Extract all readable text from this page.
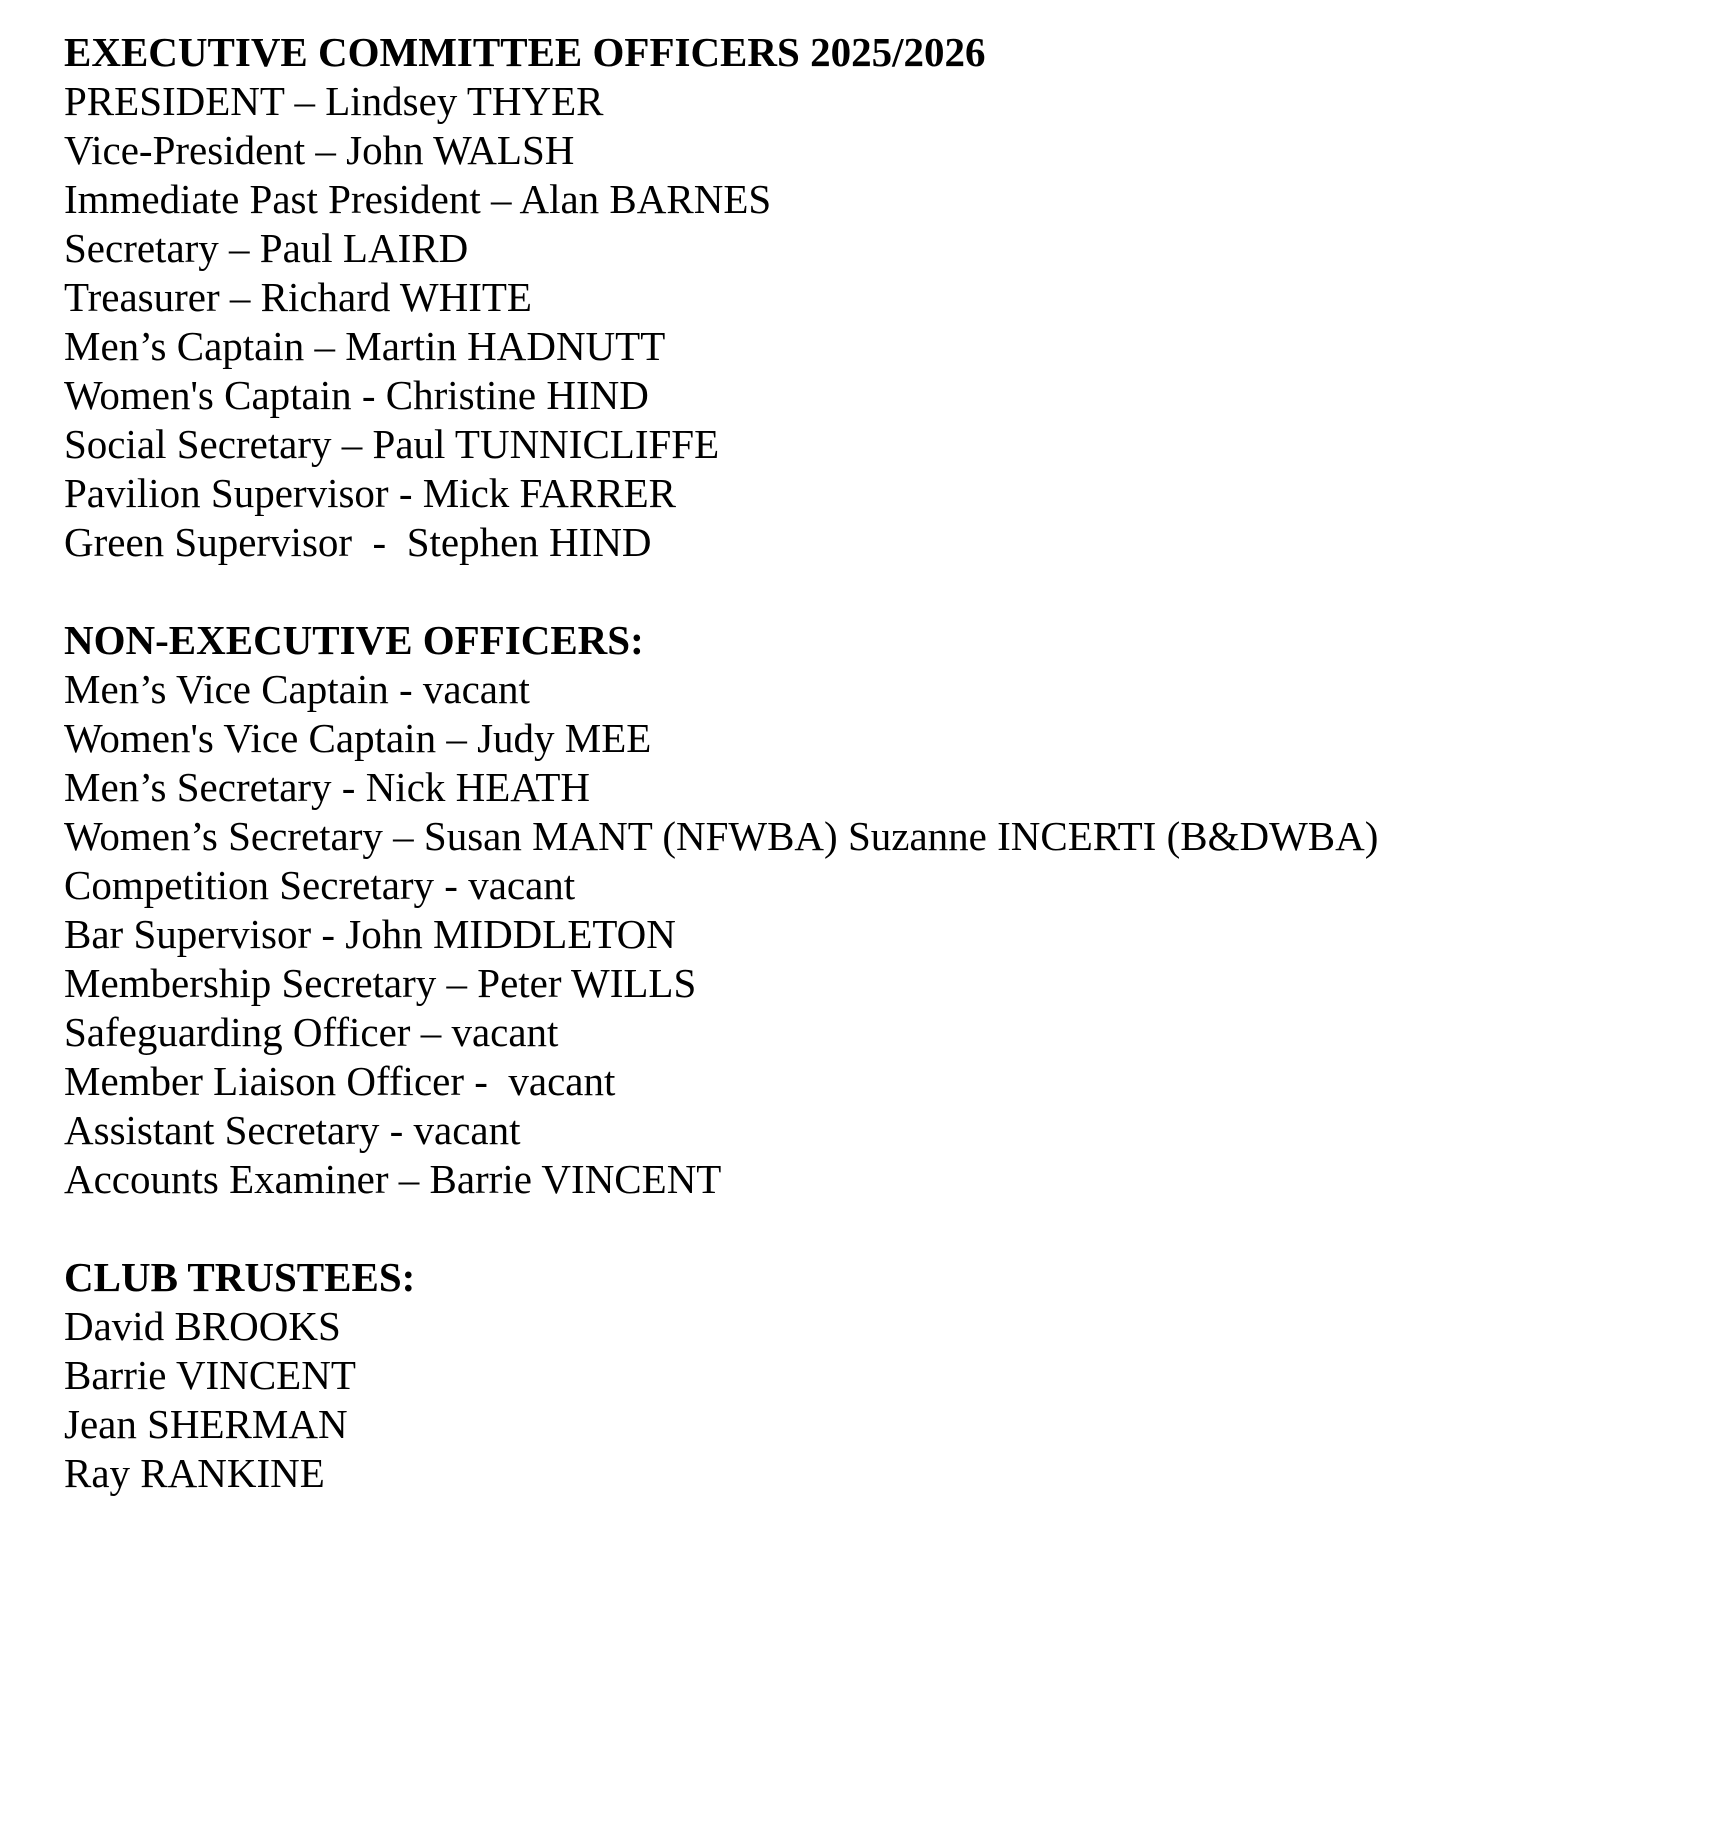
EXECUTIVE COMMITTEE OFFICERS 2025/2026
PRESIDENT – Lindsey THYER
Vice-President – John WALSH
Immediate Past President – Alan BARNES
Secretary – Paul LAIRD
Treasurer – Richard WHITE
Men’s Captain – Martin HADNUTT
Women's Captain - Christine HIND
Social Secretary – Paul TUNNICLIFFE
Pavilion Supervisor - Mick FARRER
Green Supervisor  -  Stephen HIND
NON-EXECUTIVE OFFICERS:
Men’s Vice Captain - vacant
Women's Vice Captain – Judy MEE
Men’s Secretary - Nick HEATH
Women’s Secretary – Susan MANT (NFWBA) Suzanne INCERTI (B&DWBA)
Competition Secretary - vacant
Bar Supervisor - John MIDDLETON
Membership Secretary – Peter WILLS
Safeguarding Officer – vacant
Member Liaison Officer -  vacant
Assistant Secretary - vacant
Accounts Examiner – Barrie VINCENT
CLUB TRUSTEES:
David BROOKS
Barrie VINCENT
Jean SHERMAN
Ray RANKINE
